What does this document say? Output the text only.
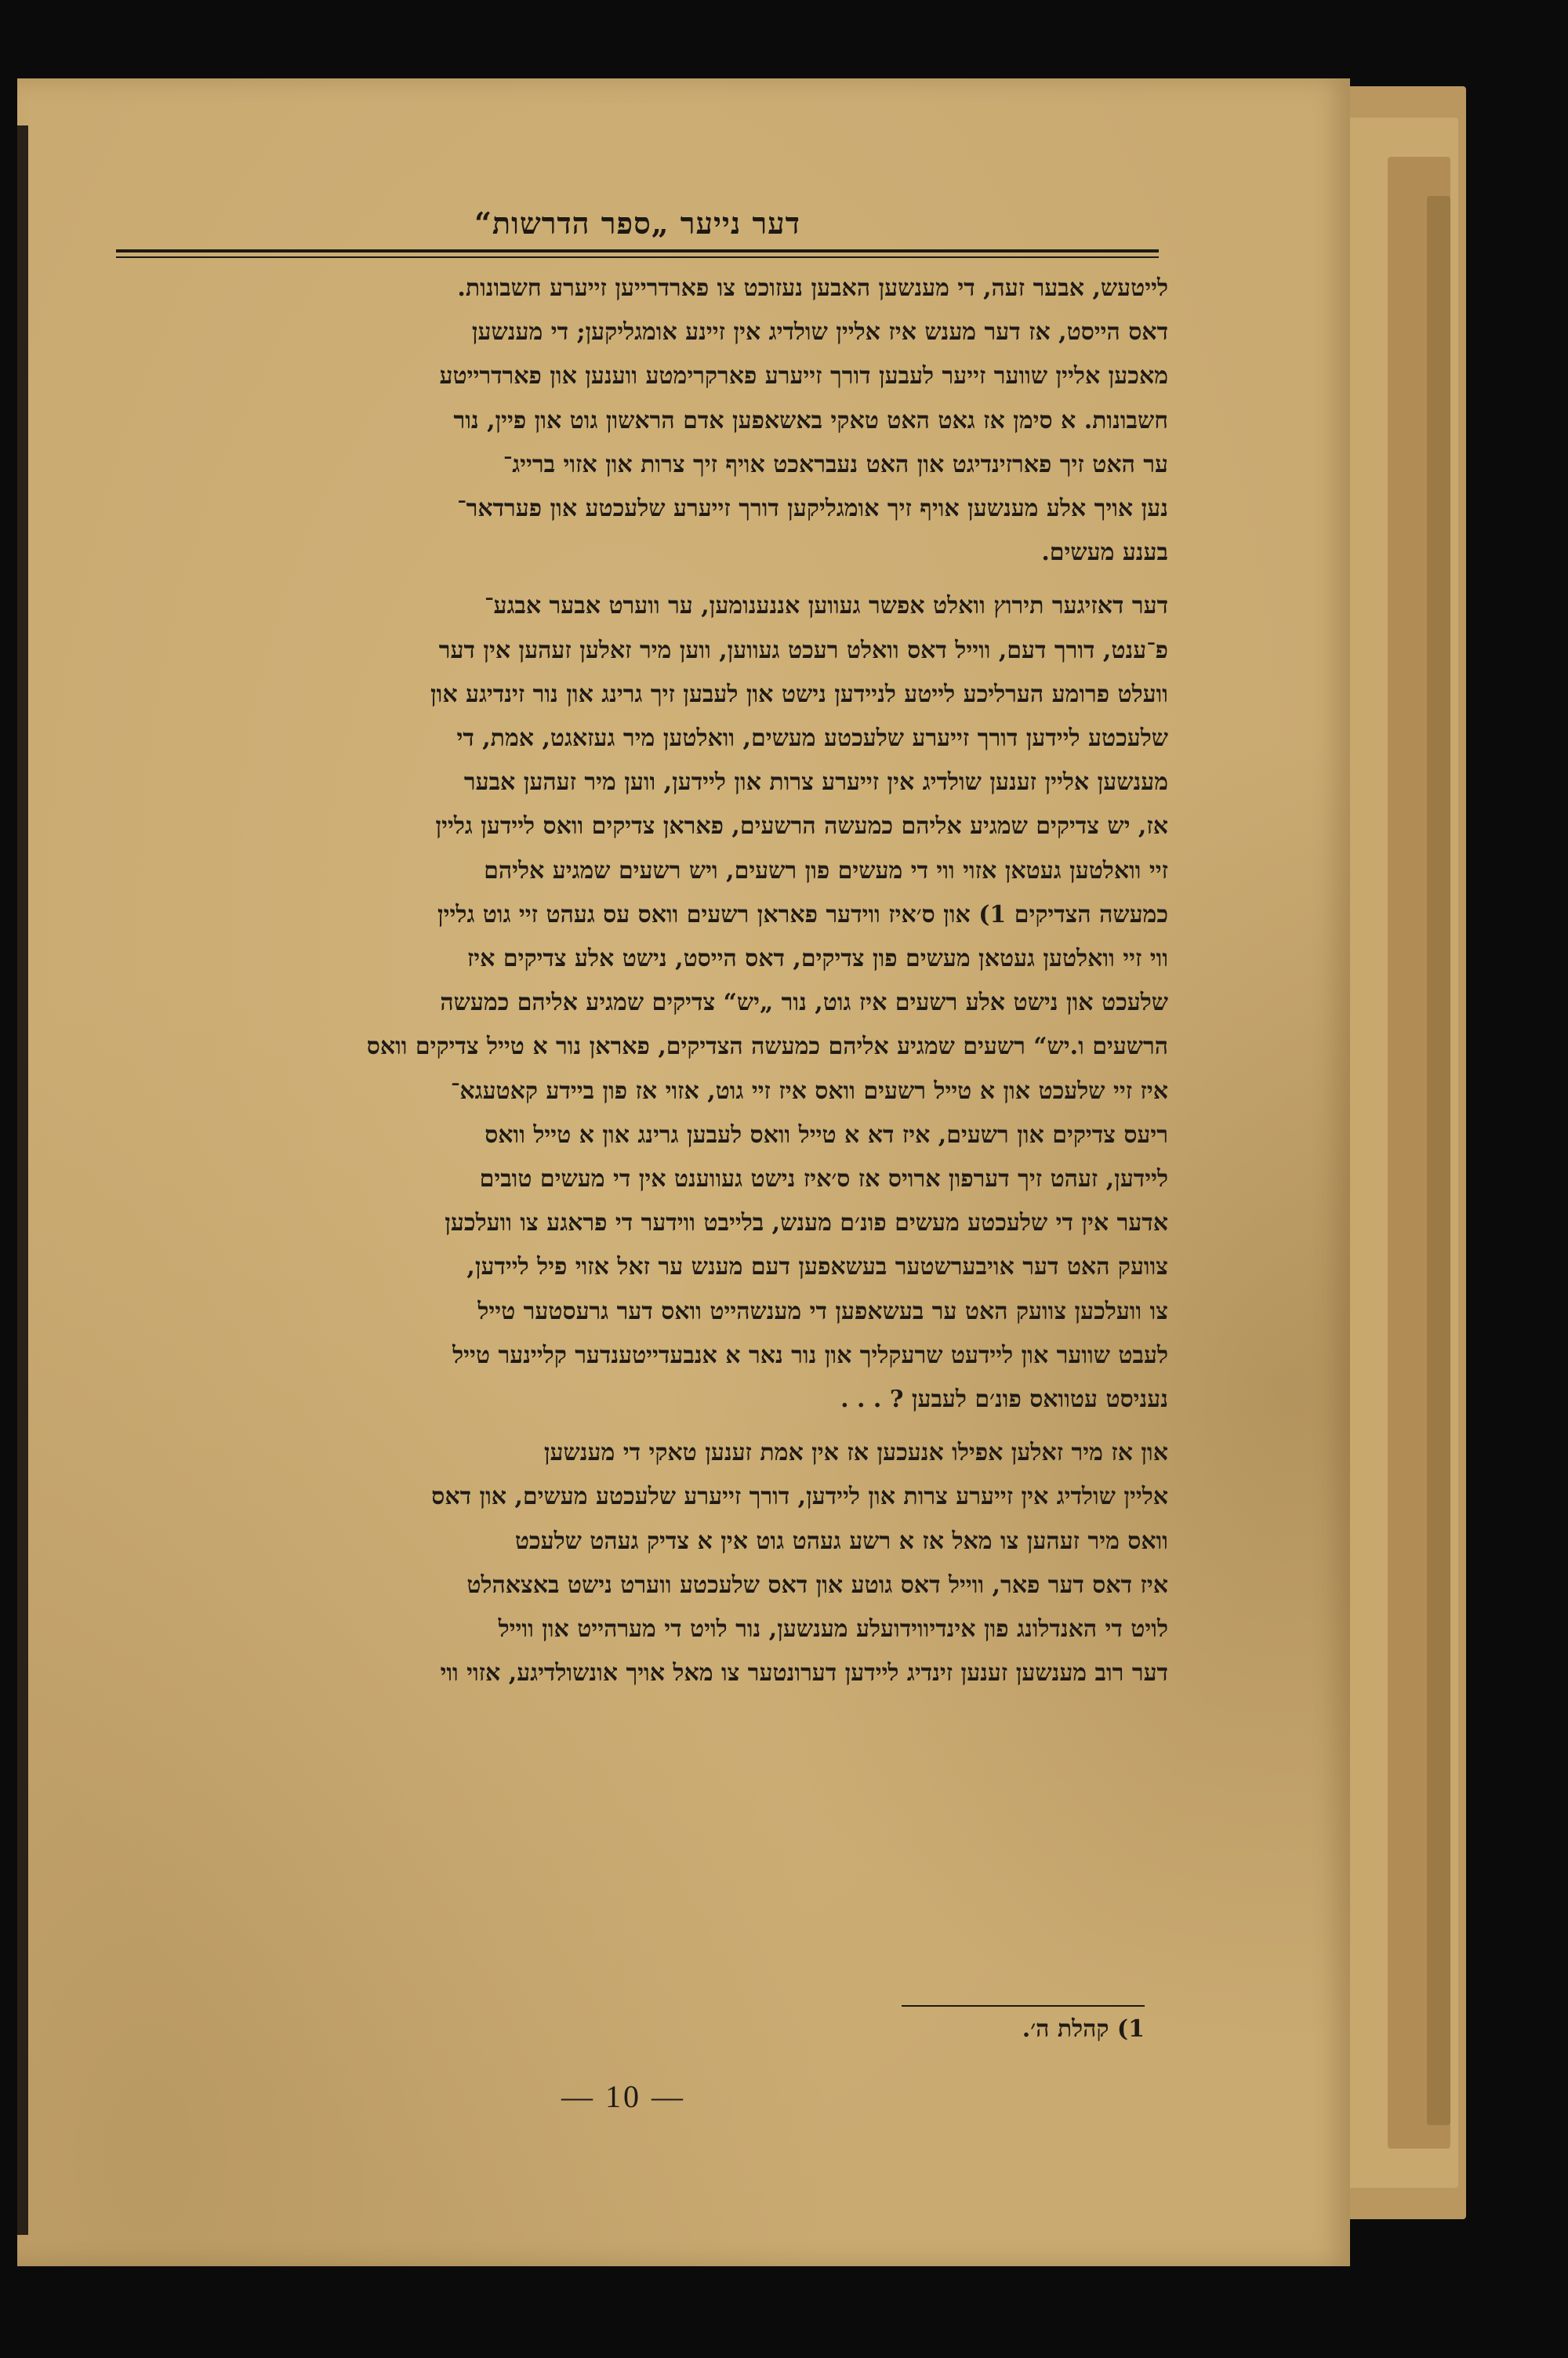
דער נייער „ספר הדרשות“

לייטעש, אבער זעה, די מענשען האבען נעזוכט צו פארדרייען זייערע חשבונות.
דאס הייסט, אז דער מענש איז אליין שולדיג אין זיינע אומגליקען; די מענשען
מאכען אליין שווער זייער לעבען דורך זייערע פארקרימטע ווענען און פארדרייטע
חשבונות. א סימן אז גאט האט טאקי באשאפען אדם הראשון גוט און פיין, נור
ער האט זיך פארזינדיגט און האט נעבראכט אויף זיך צרות און אזוי ברייג־
נען אויך אלע מענשען אויף זיך אומגליקען דורך זייערע שלעכטע און פערדאר־
בענע מעשים.

דער דאזיגער תירוץ וואלט אפשר געווען אננענומען, ער ווערט אבער אבגע־
פ־ענט, דורך דעם, ווייל דאס וואלט רעכט געווען, ווען מיר זאלען זעהען אין דער
וועלט פרומע הערליכע לייטע לניידען נישט און לעבען זיך גרינג און נור זינדיגע און
שלעכטע ליידען דורך זייערע שלעכטע מעשים, וואלטען מיר געזאגט, אמת, די
מענשען אליין זענען שולדיג אין זייערע צרות און ליידען, ווען מיר זעהען אבער
אז, יש צדיקים שמגיע אליהם כמעשה הרשעים, פאראן צדיקים וואס ליידען גליין
זיי וואלטען געטאן אזוי ווי די מעשים פון רשעים, ויש רשעים שמגיע אליהם
כמעשה הצדיקים 1) און ס׳איז ווידער פאראן רשעים וואס עס געהט זיי גוט גליין
ווי זיי וואלטען געטאן מעשים פון צדיקים, דאס הייסט, נישט אלע צדיקים איז
שלעכט און נישט אלע רשעים איז גוט, נור „יש“ צדיקים שמגיע אליהם כמעשה
הרשעים ו.יש“ רשעים שמגיע אליהם כמעשה הצדיקים, פאראן נור א טייל צדיקים וואס
איז זיי שלעכט און א טייל רשעים וואס איז זיי גוט, אזוי אז פון ביידע קאטעגא־
ריעס צדיקים און רשעים, איז דא א טייל וואס לעבען גרינג און א טייל וואס
ליידען, זעהט זיך דערפון ארויס אז ס׳איז נישט געווענט אין די מעשים טובים
אדער אין די שלעכטע מעשים פונ׳ם מענש, בלייבט ווידער די פראגע צו וועלכען
צוועק האט דער אויבערשטער בעשאפען דעם מענש ער זאל אזוי פיל ליידען,
צו וועלכען צוועק האט ער בעשאפען די מענשהייט וואס דער גרעסטער טייל
לעבט שווער און ליידעט שרעקליך און נור נאר א אנבעדייטענדער קליינער טייל
נעניסט עטוואס פונ׳ם לעבען ? . . .

און אז מיר זאלען אפילו אנעכען אז אין אמת זענען טאקי די מענשען
אליין שולדיג אין זייערע צרות און ליידען, דורך זייערע שלעכטע מעשים, און דאס
וואס מיר זעהען צו מאל אז א רשע געהט גוט אין א צדיק געהט שלעכט
איז דאס דער פאר, ווייל דאס גוטע און דאס שלעכטע ווערט נישט באצאהלט
לויט די האנדלונג פון אינדיווידועלע מענשען, נור לויט די מערהייט און ווייל
דער רוב מענשען זענען זינדיג ליידען דערונטער צו מאל אויך אונשולדיגע, אזוי ווי

1) קהלת ה׳.
— 10 —
